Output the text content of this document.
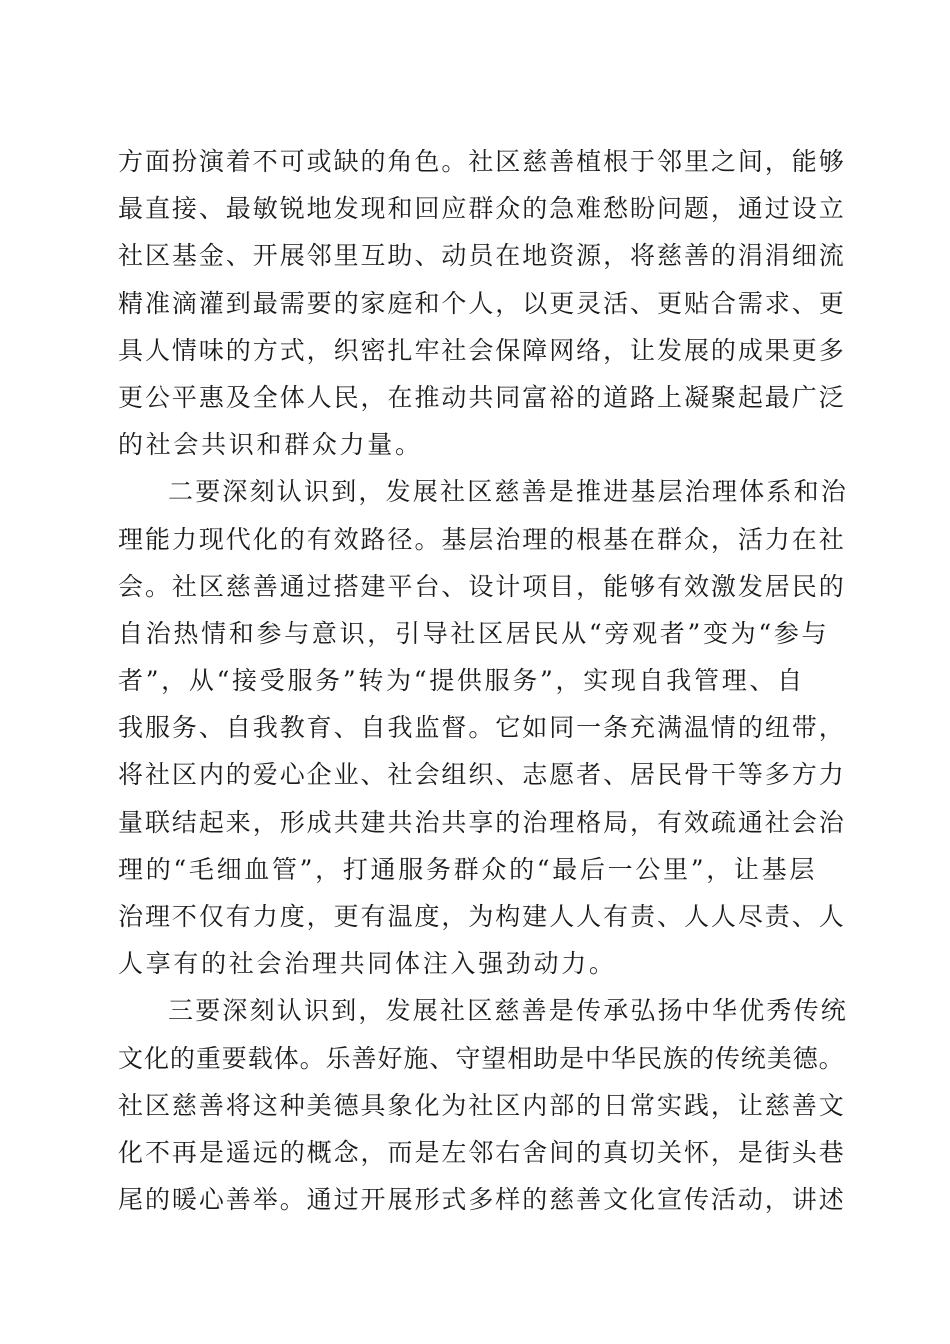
方面扮演着不可或缺的角色。社区慈善植根于邻里之间，能够
最直接、最敏锐地发现和回应群众的急难愁盼问题，通过设立
社区基金、开展邻里互助、动员在地资源，将慈善的涓涓细流
精准滴灌到最需要的家庭和个人，以更灵活、更贴合需求、更
具人情味的方式，织密扎牢社会保障网络，让发展的成果更多
更公平惠及全体人民，在推动共同富裕的道路上凝聚起最广泛
的社会共识和群众力量。
二要深刻认识到，发展社区慈善是推进基层治理体系和治
理能力现代化的有效路径。基层治理的根基在群众，活力在社
会。社区慈善通过搭建平台、设计项目，能够有效激发居民的
自治热情和参与意识，引导社区居民从“旁观者”变为“参与
者”，从“接受服务”转为“提供服务”，实现自我管理、自
我服务、自我教育、自我监督。它如同一条充满温情的纽带，
将社区内的爱心企业、社会组织、志愿者、居民骨干等多方力
量联结起来，形成共建共治共享的治理格局，有效疏通社会治
理的“毛细血管”，打通服务群众的“最后一公里”，让基层
治理不仅有力度，更有温度，为构建人人有责、人人尽责、人
人享有的社会治理共同体注入强劲动力。
三要深刻认识到，发展社区慈善是传承弘扬中华优秀传统
文化的重要载体。乐善好施、守望相助是中华民族的传统美德。
社区慈善将这种美德具象化为社区内部的日常实践，让慈善文
化不再是遥远的概念，而是左邻右舍间的真切关怀，是街头巷
尾的暖心善举。通过开展形式多样的慈善文化宣传活动，讲述
